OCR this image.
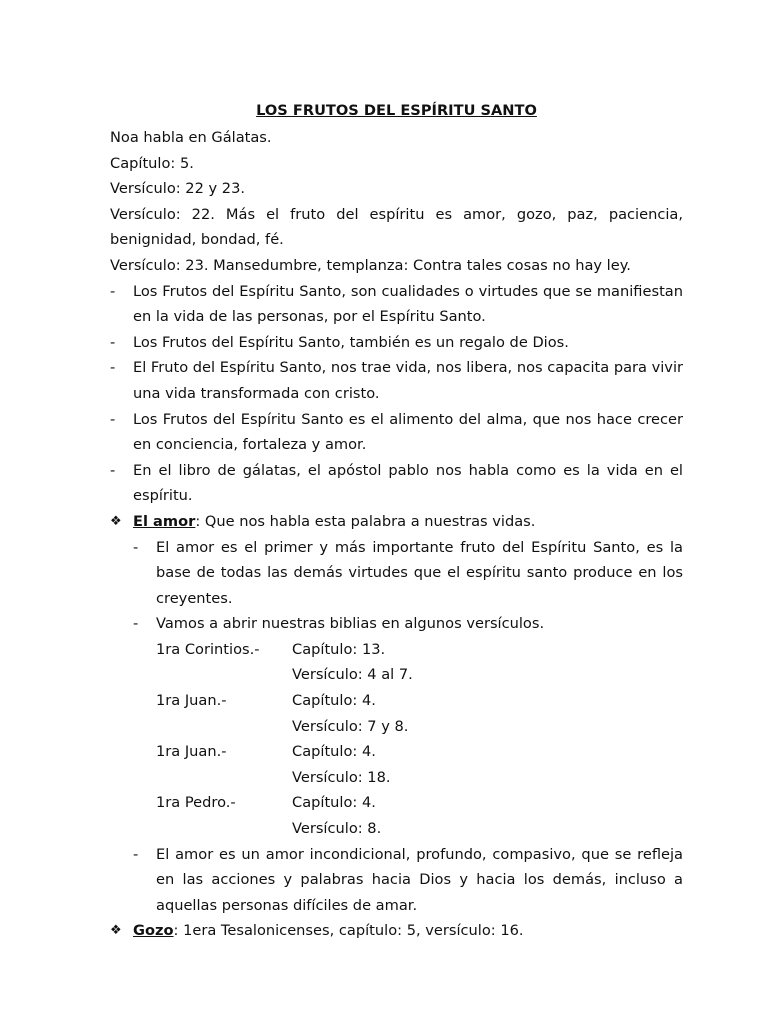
LOS FRUTOS DEL ESPÍRITU SANTO
Noa habla en Gálatas.
Capítulo: 5.
Versículo: 22 y 23.
Versículo: 22. Más el fruto del espíritu es amor, gozo, paz, paciencia, benignidad, bondad, fé.
Versículo: 23. Mansedumbre, templanza: Contra tales cosas no hay ley.
-	Los Frutos del Espíritu Santo, son cualidades o virtudes que se manifiestan en la vida de las personas, por el Espíritu Santo.
-	Los Frutos del Espíritu Santo, también es un regalo de Dios.
-	El Fruto del Espíritu Santo, nos trae vida, nos libera, nos capacita para vivir una vida transformada con cristo.
-	Los Frutos del Espíritu Santo es el alimento del alma, que nos hace crecer en conciencia, fortaleza y amor.
-	En el libro de gálatas, el apóstol pablo nos habla como es la vida en el espíritu.
❖ El amor: Que nos habla esta palabra a nuestras vidas.
-	El amor es el primer y más importante fruto del Espíritu Santo, es la base de todas las demás virtudes que el espíritu santo produce en los creyentes.
-	Vamos a abrir nuestras biblias en algunos versículos.
1ra Corintios.-	Capítulo: 13.
Versículo: 4 al 7.
1ra Juan.-	Capítulo: 4.
Versículo: 7 y 8.
1ra Juan.-	Capítulo: 4.
Versículo: 18.
1ra Pedro.-	Capítulo: 4.
Versículo: 8.
-	El amor es un amor incondicional, profundo, compasivo, que se refleja en las acciones y palabras hacia Dios y hacia los demás, incluso a aquellas personas difíciles de amar.
❖ Gozo: 1era Tesalonicenses, capítulo: 5, versículo: 16.
